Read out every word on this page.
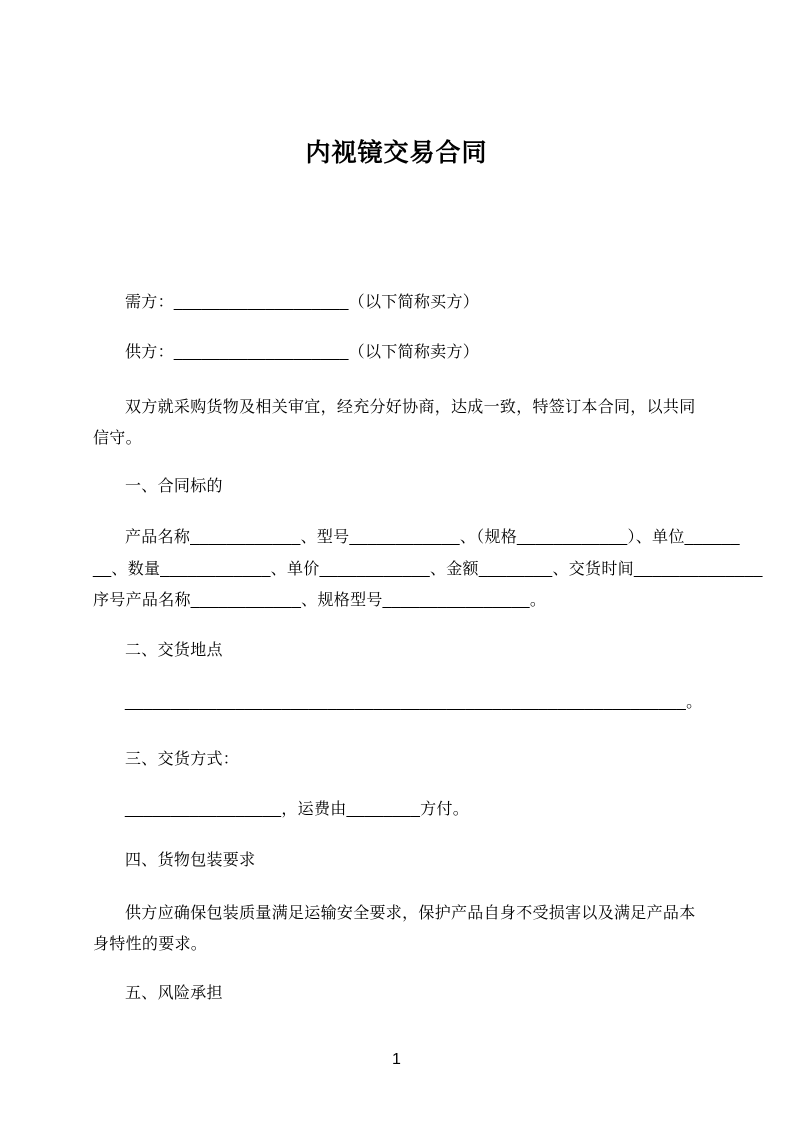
内视镜交易合同
需方：___________________（以下简称买方）
供方：___________________（以下简称卖方）
双方就采购货物及相关审宜，经充分好协商，达成一致，特签订本合同，以共同
信守。
一、合同标的
产品名称____________、型号____________、（规格____________）、单位______
__、数量____________、单价____________、金额________、交货时间______________
序号产品名称____________、规格型号________________。
二、交货地点
_____________________________________________________________。
三、交货方式：
_________________，运费由________方付。
四、货物包装要求
供方应确保包装质量满足运输安全要求，保护产品自身不受损害以及满足产品本
身特性的要求。
五、风险承担
1
